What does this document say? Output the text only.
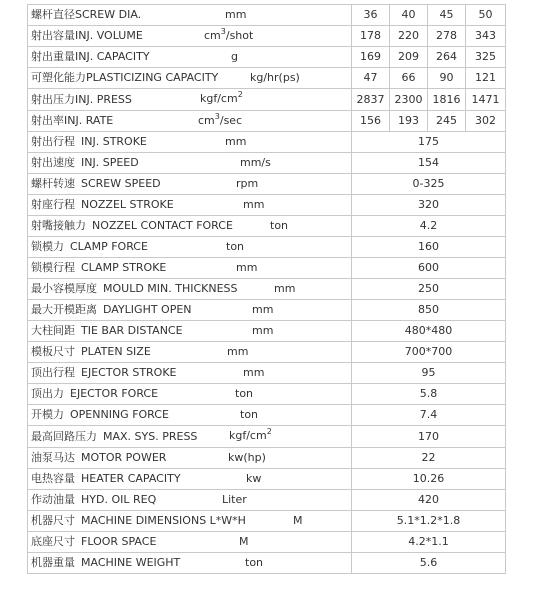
螺杆直径SCREW DIA. mm	36	40	45	50
射出容量INJ. VOLUME $cm^3$/shot	178	220	278	343
射出重量INJ. CAPACITY g	169	209	264	325
可塑化能力PLASTICIZING CAPACITY kg/hr(ps)	47	66	90	121
射出压力INJ. PRESS kgf/$cm^2$	2837	2300	1816	1471
射出率INJ. RATE $cm^3/\sec$	156	193	245	302
射出行程 INJ. STROKE mm	175			
射出速度 INJ. SPEED mm/s	154			
螺杆转速 SCREW SPEED rpm	0-325			
射座行程 NOZZEL STROKE mm	320			
射嘴接触力 NOZZEL CONTACT FORCE ton	4.2			
锁模力 CLAMP FORCE ton	160			
锁模行程 CLAMP STROKE mm	600			
最小容模厚度 MOULD MIN. THICKNESS mm	250			
最大开模距离 DAYLIGHT OPEN mm	850			
大柱间距 TIE BAR DISTANCE mm	480*480			
模板尺寸 PLATEN SIZE mm	700*700			
顶出行程 EJECTOR STROKE mm	95			
顶出力 EJECTOR FORCE ton	5.8			
开模力 OPENNING FORCE ton	7.4			
最高回路压力 MAX. SYS. PRESS kgf/$cm^2$	170			
油泵马达 MOTOR POWER kw(hp)	22			
电热容量 HEATER CAPACITY kw	10.26			
作动油量 HYD. OIL REQ Liter	420			
机器尺寸 MACHINE DIMENSIONS L*W*H M	5.1*1.2*1.8			
底座尺寸 FLOOR SPACE M	4.2*1.1			
机器重量 MACHINE WEIGHT ton	5.6			
